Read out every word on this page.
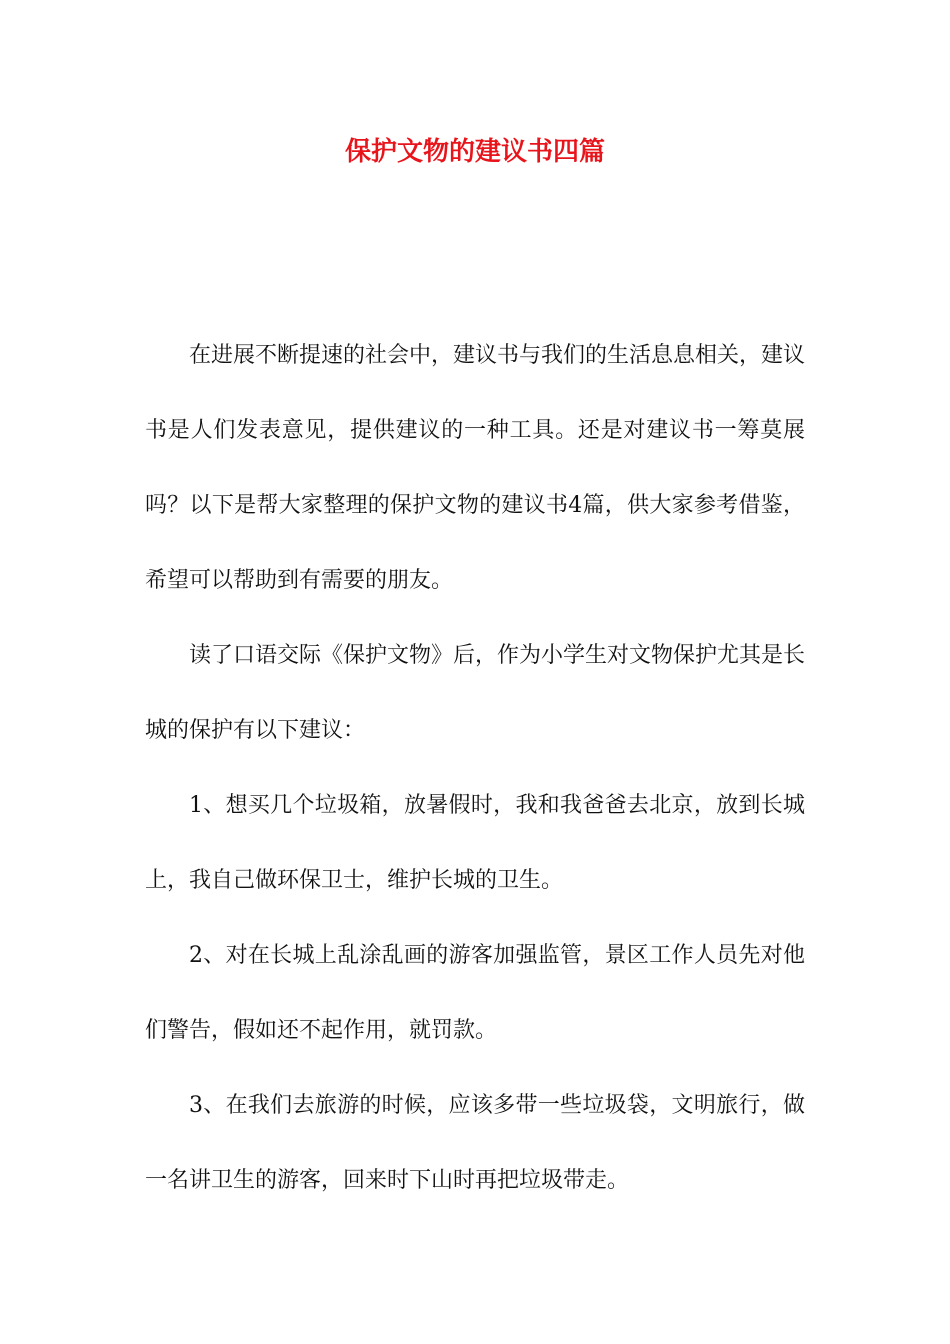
保护文物的建议书四篇

在进展不断提速的社会中，建议书与我们的生活息息相关，建议书是人们发表意见，提供建议的一种工具。还是对建议书一筹莫展吗？以下是帮大家整理的保护文物的建议书4篇，供大家参考借鉴，希望可以帮助到有需要的朋友。

读了口语交际《保护文物》后，作为小学生对文物保护尤其是长城的保护有以下建议：

1、想买几个垃圾箱，放暑假时，我和我爸爸去北京，放到长城上，我自己做环保卫士，维护长城的卫生。

2、对在长城上乱涂乱画的游客加强监管，景区工作人员先对他们警告，假如还不起作用，就罚款。

3、在我们去旅游的时候，应该多带一些垃圾袋，文明旅行，做一名讲卫生的游客，回来时下山时再把垃圾带走。
